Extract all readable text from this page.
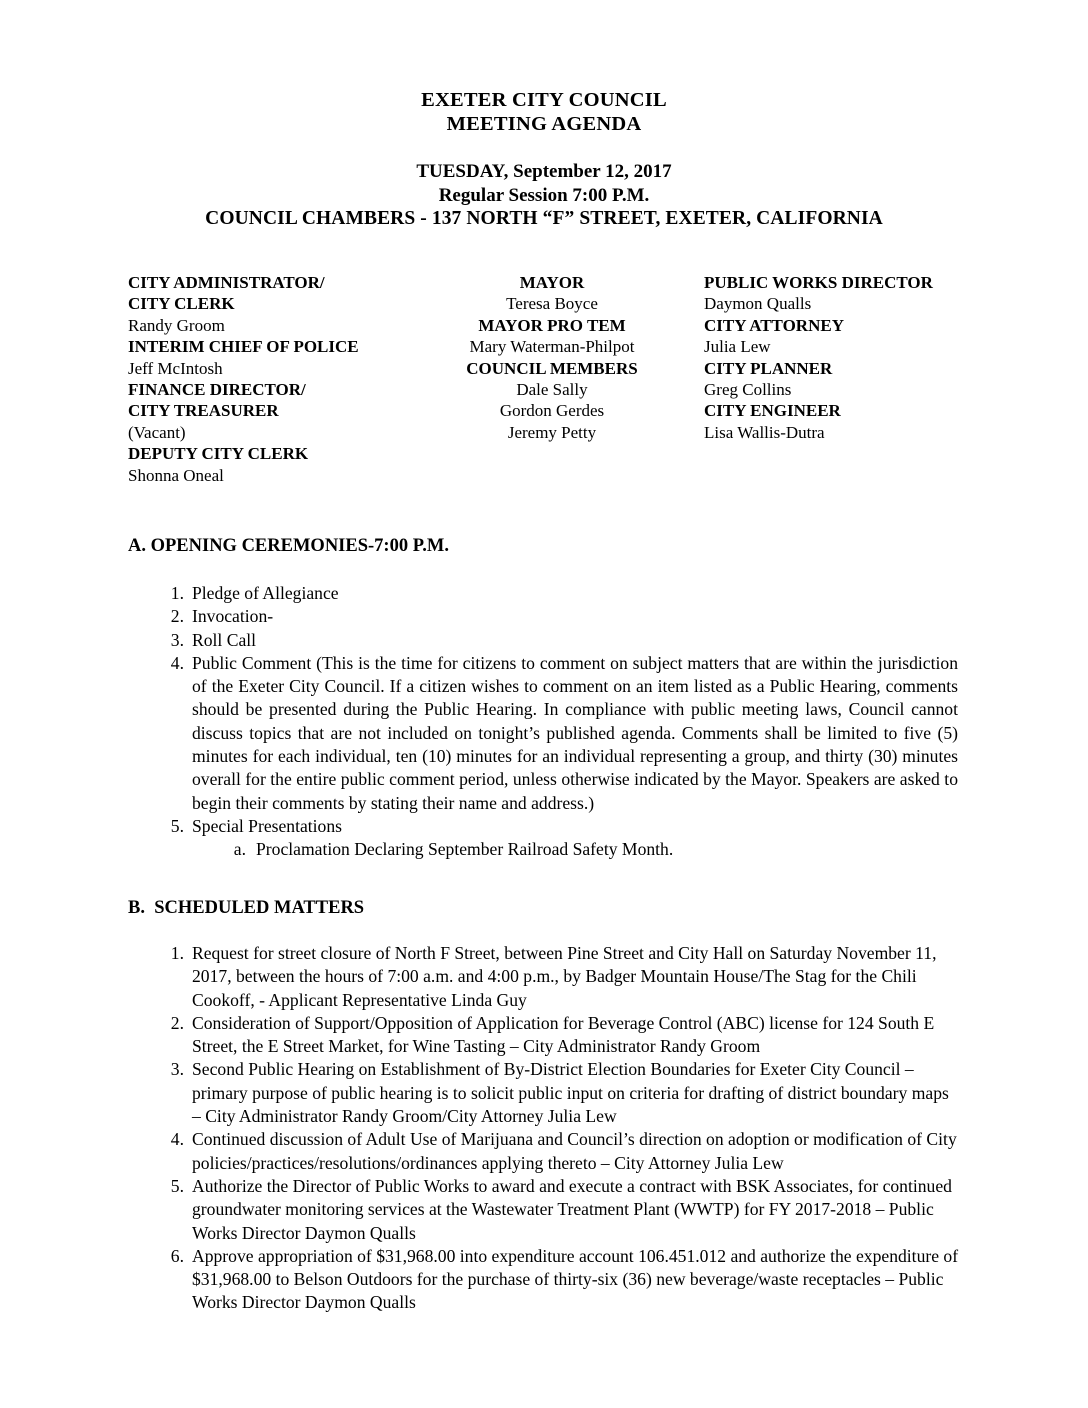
EXETER CITY COUNCIL
MEETING AGENDA
TUESDAY, September 12, 2017
Regular Session 7:00 P.M.
COUNCIL CHAMBERS - 137 NORTH “F” STREET, EXETER, CALIFORNIA
CITY ADMINISTRATOR/
CITY CLERK
Randy Groom
INTERIM CHIEF OF POLICE
Jeff McIntosh
FINANCE DIRECTOR/
CITY TREASURER
(Vacant)
DEPUTY CITY CLERK
Shonna Oneal
MAYOR
Teresa Boyce
MAYOR PRO TEM
Mary Waterman-Philpot
COUNCIL MEMBERS
Dale Sally
Gordon Gerdes
Jeremy Petty
PUBLIC WORKS DIRECTOR
Daymon Qualls
CITY ATTORNEY
Julia Lew
CITY PLANNER
Greg Collins
CITY ENGINEER
Lisa Wallis-Dutra
A. OPENING CEREMONIES-7:00 P.M.
1. Pledge of Allegiance
2. Invocation-
3. Roll Call
4. Public Comment (This is the time for citizens to comment on subject matters that are within the jurisdiction of the Exeter City Council. If a citizen wishes to comment on an item listed as a Public Hearing, comments should be presented during the Public Hearing. In compliance with public meeting laws, Council cannot discuss topics that are not included on tonight’s published agenda. Comments shall be limited to five (5) minutes for each individual, ten (10) minutes for an individual representing a group, and thirty (30) minutes overall for the entire public comment period, unless otherwise indicated by the Mayor. Speakers are asked to begin their comments by stating their name and address.)
5. Special Presentations
a. Proclamation Declaring September Railroad Safety Month.
B.  SCHEDULED MATTERS
1. Request for street closure of North F Street, between Pine Street and City Hall on Saturday November 11, 2017, between the hours of 7:00 a.m. and 4:00 p.m., by Badger Mountain House/The Stag for the Chili Cookoff, - Applicant Representative Linda Guy
2. Consideration of Support/Opposition of Application for Beverage Control (ABC) license for 124 South E Street, the E Street Market, for Wine Tasting – City Administrator Randy Groom
3. Second Public Hearing on Establishment of By-District Election Boundaries for Exeter City Council – primary purpose of public hearing is to solicit public input on criteria for drafting of district boundary maps – City Administrator Randy Groom/City Attorney Julia Lew
4. Continued discussion of Adult Use of Marijuana and Council’s direction on adoption or modification of City policies/practices/resolutions/ordinances applying thereto – City Attorney Julia Lew
5. Authorize the Director of Public Works to award and execute a contract with BSK Associates, for continued groundwater monitoring services at the Wastewater Treatment Plant (WWTP) for FY 2017-2018 – Public Works Director Daymon Qualls
6. Approve appropriation of $31,968.00 into expenditure account 106.451.012 and authorize the expenditure of $31,968.00 to Belson Outdoors for the purchase of thirty-six (36) new beverage/waste receptacles – Public Works Director Daymon Qualls
